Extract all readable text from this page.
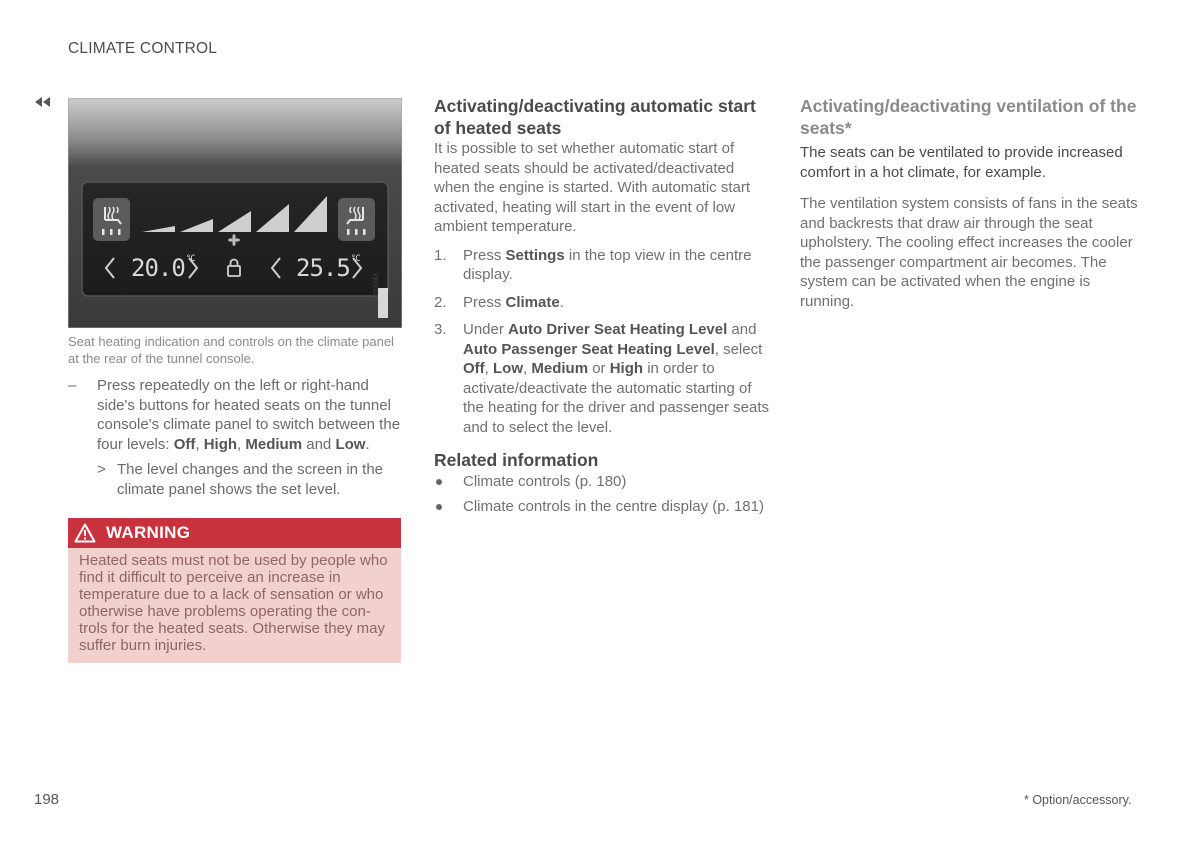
CLIMATE CONTROL
$20.0^{^\circ C}$	$25.5^{^\circ C}$
G063343
Seat heating indication and controls on the climate panel at the rear of the tunnel console.
– Press repeatedly on the left or right-hand side's buttons for heated seats on the tunnel console's climate panel to switch between the four levels: Off, High, Medium and Low.
> The level changes and the screen in the climate panel shows the set level.
WARNING
Heated seats must not be used by people who find it difficult to perceive an increase in temperature due to a lack of sensation or who otherwise have problems operating the con-trols for the heated seats. Otherwise they may suffer burn injuries.
Activating/deactivating automatic start of heated seats
It is possible to set whether automatic start of heated seats should be activated/deactivated when the engine is started. With automatic start activated, heating will start in the event of low ambient temperature.
1. Press Settings in the top view in the centre display.
2. Press Climate.
3. Under Auto Driver Seat Heating Level and Auto Passenger Seat Heating Level, select Off, Low, Medium or High in order to activate/deactivate the automatic starting of the heating for the driver and passenger seats and to select the level.
Related information
Climate controls (p. 180)
Climate controls in the centre display (p. 181)
Activating/deactivating ventilation of the seats*
The seats can be ventilated to provide increased comfort in a hot climate, for example.
The ventilation system consists of fans in the seats and backrests that draw air through the seat upholstery. The cooling effect increases the cooler the passenger compartment air becomes. The system can be activated when the engine is running.
198	* Option/accessory.
